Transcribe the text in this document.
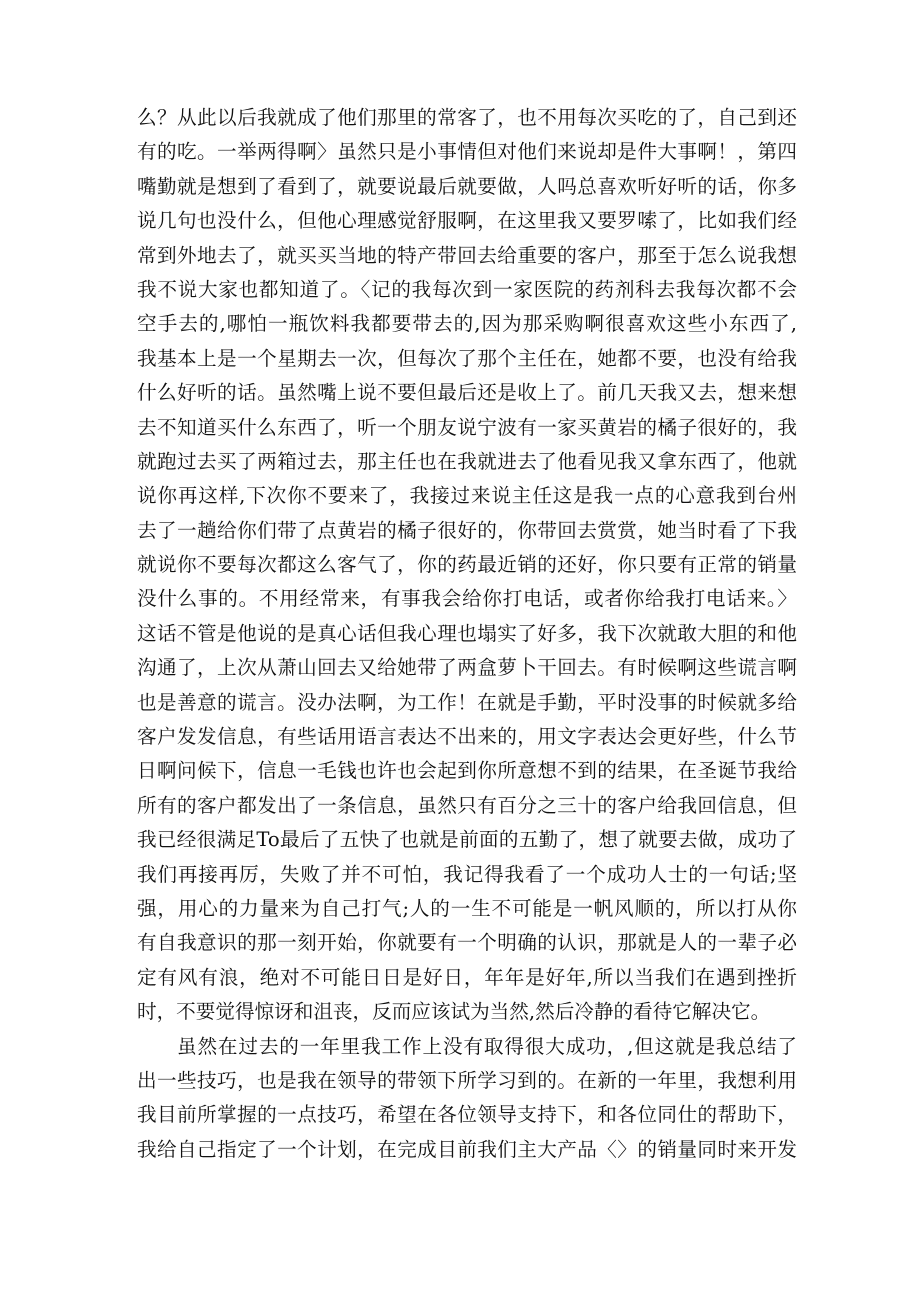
么？从此以后我就成了他们那里的常客了，也不用每次买吃的了，自己到还
有的吃。一举两得啊〉虽然只是小事情但对他们来说却是件大事啊！，第四
嘴勤就是想到了看到了，就要说最后就要做，人吗总喜欢听好听的话，你多
说几句也没什么，但他心理感觉舒服啊，在这里我又要罗嗦了，比如我们经
常到外地去了，就买买当地的特产带回去给重要的客户，那至于怎么说我想
我不说大家也都知道了。〈记的我每次到一家医院的药剂科去我每次都不会
空手去的,哪怕一瓶饮料我都要带去的,因为那采购啊很喜欢这些小东西了,
我基本上是一个星期去一次，但每次了那个主任在，她都不要，也没有给我
什么好听的话。虽然嘴上说不要但最后还是收上了。前几天我又去，想来想
去不知道买什么东西了，听一个朋友说宁波有一家买黄岩的橘子很好的，我
就跑过去买了两箱过去，那主任也在我就进去了他看见我又拿东西了，他就
说你再这样,下次你不要来了，我接过来说主任这是我一点的心意我到台州
去了一趟给你们带了点黄岩的橘子很好的，你带回去赏赏，她当时看了下我
就说你不要每次都这么客气了，你的药最近销的还好，你只要有正常的销量
没什么事的。不用经常来，有事我会给你打电话，或者你给我打电话来。〉
这话不管是他说的是真心话但我心理也塌实了好多，我下次就敢大胆的和他
沟通了，上次从萧山回去又给她带了两盒萝卜干回去。有时候啊这些谎言啊
也是善意的谎言。没办法啊，为工作！在就是手勤，平时没事的时候就多给
客户发发信息，有些话用语言表达不出来的，用文字表达会更好些，什么节
日啊问候下，信息一毛钱也许也会起到你所意想不到的结果，在圣诞节我给
所有的客户都发出了一条信息，虽然只有百分之三十的客户给我回信息，但
我已经很满足To最后了五快了也就是前面的五勤了，想了就要去做，成功了
我们再接再厉，失败了并不可怕，我记得我看了一个成功人士的一句话;坚
强，用心的力量来为自己打气;人的一生不可能是一帆风顺的，所以打从你
有自我意识的那一刻开始，你就要有一个明确的认识，那就是人的一辈子必
定有风有浪，绝对不可能日日是好日，年年是好年,所以当我们在遇到挫折
时，不要觉得惊讶和沮丧，反而应该试为当然,然后冷静的看待它解决它。
虽然在过去的一年里我工作上没有取得很大成功，,但这就是我总结了
出一些技巧，也是我在领导的带领下所学习到的。在新的一年里，我想利用
我目前所掌握的一点技巧，希望在各位领导支持下，和各位同仕的帮助下，
我给自己指定了一个计划，在完成目前我们主大产品〈〉的销量同时来开发
